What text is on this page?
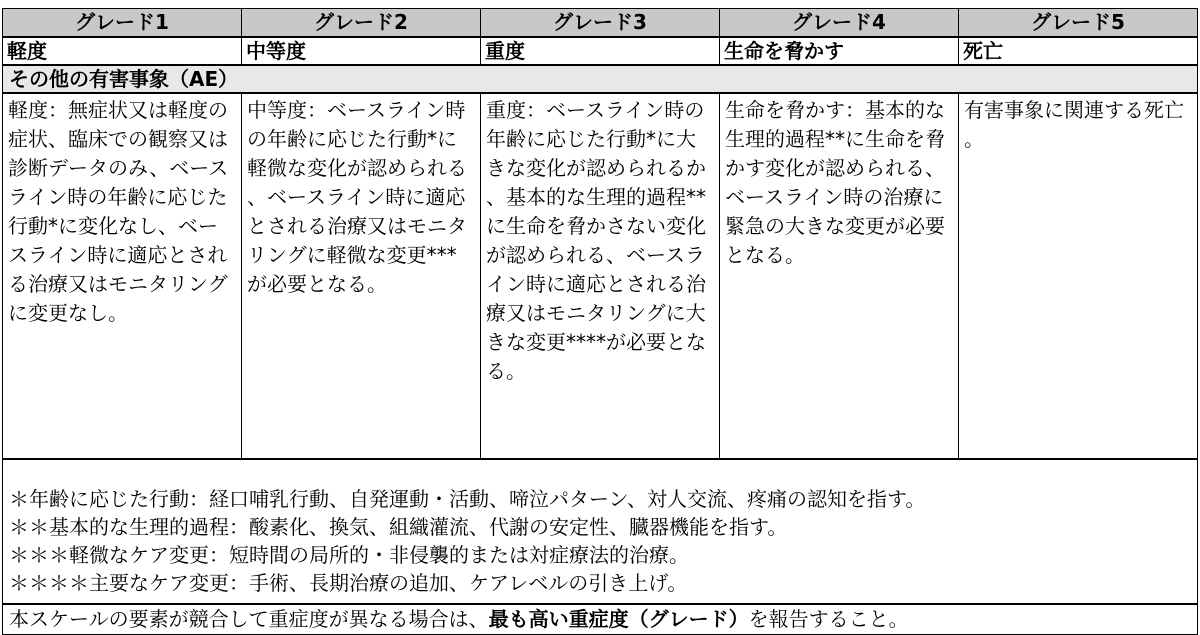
グレード1	グレード2	グレード3	グレード4	グレード5
軽度	中等度	重度	生命を脅かす	死亡
その他の有害事象（AE）				
軽度：無症状又は軽度の症状、臨床での観察又は診断データのみ、ベースライン時の年齢に応じた行動*に変化なし、ベースライン時に適応とされる治療又はモニタリングに変更なし。	中等度：ベースライン時の年齢に応じた行動*に軽微な変化が認められる、ベースライン時に適応とされる治療又はモニタリングに軽微な変更***が必要となる。	重度：ベースライン時の年齢に応じた行動*に大きな変化が認められるか、基本的な生理的過程**に生命を脅かさない変化が認められる、ベースライン時に適応とされる治療又はモニタリングに大きな変更****が必要となる。	生命を脅かす：基本的な生理的過程**に生命を脅かす変化が認められる、ベースライン時の治療に緊急の大きな変更が必要となる。	有害事象に関連する死亡。

＊年齢に応じた行動：経口哺乳行動、自発運動・活動、啼泣パターン、対人交流、疼痛の認知を指す。
＊＊基本的な生理的過程：酸素化、換気、組織灌流、代謝の安定性、臓器機能を指す。
＊＊＊軽微なケア変更：短時間の局所的・非侵襲的または対症療法的治療。
＊＊＊＊主要なケア変更：手術、長期治療の追加、ケアレベルの引き上げ。				

本スケールの要素が競合して重症度が異なる場合は、最も高い重症度（グレード）を報告すること。				
